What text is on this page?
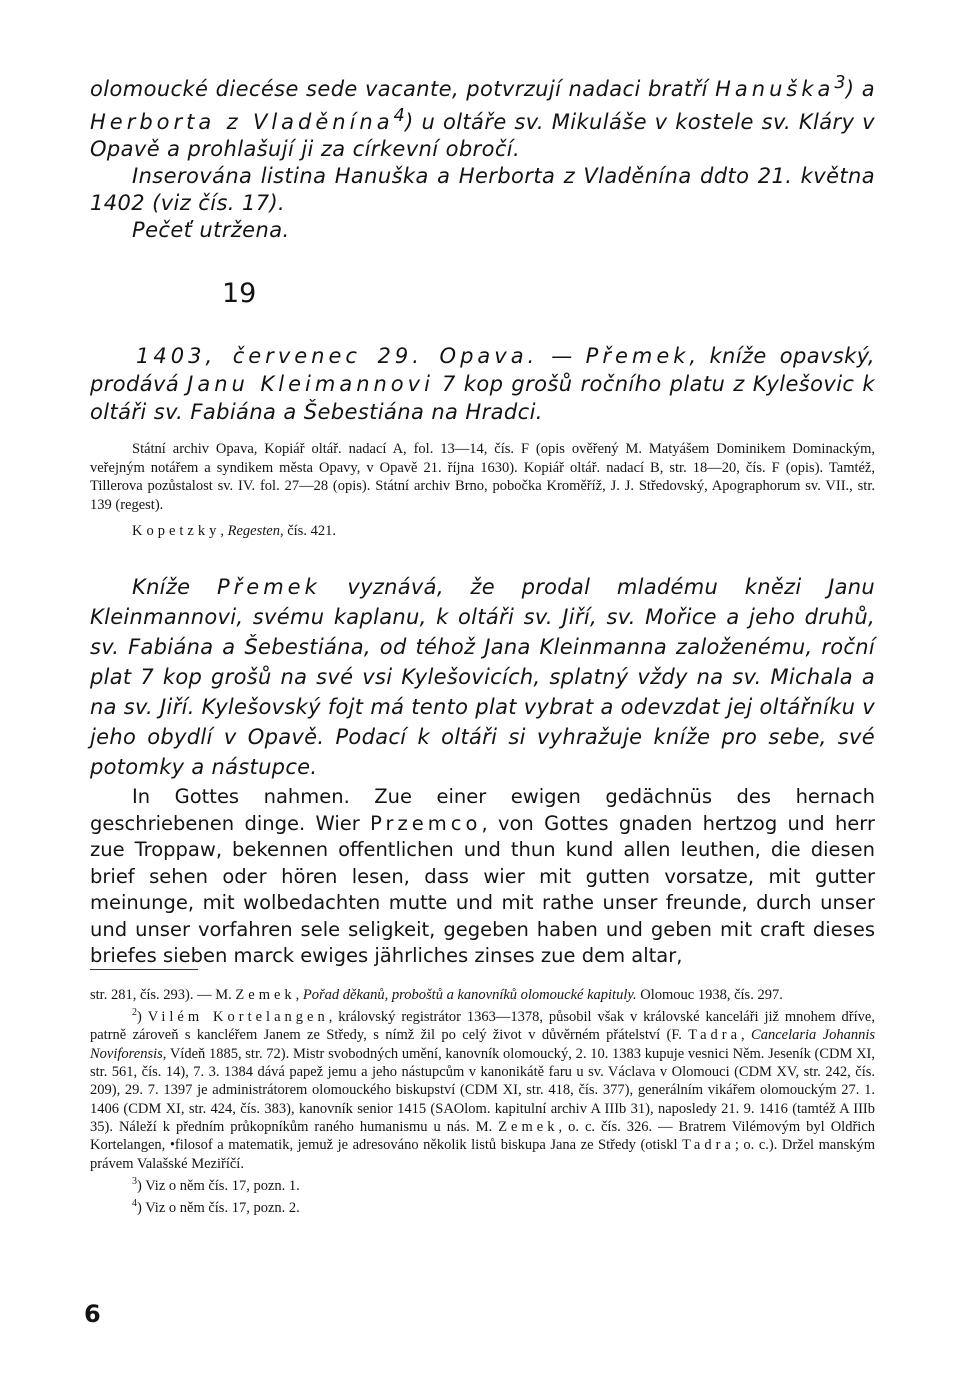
olomoucké diecése sede vacante, potvrzují nadaci bratří Hanuška$^3$) a Herborta z Vladěnína$^4$) u oltáře sv. Mikuláše v kostele sv. Kláry v Opavě a prohlašují ji za církevní obročí.

Inserována listina Hanuška a Herborta z Vladěnína ddto 21. května 1402 (viz čís. 17).

Pečeť utržena.

19

1403, červenec 29. Opava. — Přemek, kníže opavský, prodává Janu Kleimannovi 7 kop grošů ročního platu z Kylešovic k oltáři sv. Fabiána a Šebestiána na Hradci.

Státní archiv Opava, Kopiář oltář. nadací A, fol. 13—14, čís. F (opis ověřený M. Matyášem Dominikem Dominackým, veřejným notářem a syndikem města Opavy, v Opavě 21. října 1630). Kopiář oltář. nadací B, str. 18—20, čís. F (opis). Tamtéž, Tillerova pozůstalost sv. IV. fol. 27—28 (opis). Státní archiv Brno, pobočka Kroměříž, J. J. Středovský, Apographorum sv. VII., str. 139 (regest).

Kopetzky, Regesten, čís. 421.

Kníže Přemek vyznává, že prodal mladému knězi Janu Kleinmannovi, svému kaplanu, k oltáři sv. Jiří, sv. Mořice a jeho druhů, sv. Fabiána a Šebestiána, od téhož Jana Kleinmanna založenému, roční plat 7 kop grošů na své vsi Kylešovicích, splatný vždy na sv. Michala a na sv. Jiří. Kylešovský fojt má tento plat vybrat a odevzdat jej oltářníku v jeho obydlí v Opavě. Podací k oltáři si vyhražuje kníže pro sebe, své potomky a nástupce.

In Gottes nahmen. Zue einer ewigen gedächnüs des hernach geschriebenen dinge. Wier Przemco, von Gottes gnaden hertzog und herr zue Troppaw, bekennen offentlichen und thun kund allen leuthen, die diesen brief sehen oder hören lesen, dass wier mit gutten vorsatze, mit gutter meinunge, mit wolbedachten mutte und mit rathe unser freunde, durch unser und unser vorfahren sele seligkeit, gegeben haben und geben mit craft dieses briefes sieben marck ewiges jährliches zinses zue dem altar,

str. 281, čís. 293). — M. Zemek, Pořad děkanů, proboštů a kanovníků olomoucké kapituly. Olomouc 1938, čís. 297.

$^2$) Vilém Kortelangen, královský registrátor 1363—1378, působil však v královské kanceláři již mnohem dříve, patrně zároveň s kancléřem Janem ze Středy, s nímž žil po celý život v důvěrném přátelství (F. Tadra, Cancelaria Johannis Noviforensis, Vídeň 1885, str. 72). Mistr svobodných umění, kanovník olomoucký, 2. 10. 1383 kupuje vesnici Něm. Jeseník (CDM XI, str. 561, čís. 14), 7. 3. 1384 dává papež jemu a jeho nástupcům v kanonikátě faru u sv. Václava v Olomouci (CDM XV, str. 242, čís. 209), 29. 7. 1397 je administrátorem olomouckého biskupství (CDM XI, str. 418, čís. 377), generálním vikářem olomouckým 27. 1. 1406 (CDM XI, str. 424, čís. 383), kanovník senior 1415 (SAOlom. kapitulní archiv A IIIb 31), naposledy 21. 9. 1416 (tamtéž A IIIb 35). Náleží k předním průkopníkům raného humanismu u nás. M. Zemek, o. c. čís. 326. — Bratrem Vilémovým byl Oldřich Kortelangen, •filosof a matematik, jemuž je adresováno několik listů biskupa Jana ze Středy (otiskl Tadra; o. c.). Držel manským právem Valašské Meziříčí.

$^3$) Viz o něm čís. 17, pozn. 1.

$^4$) Viz o něm čís. 17, pozn. 2.

6
